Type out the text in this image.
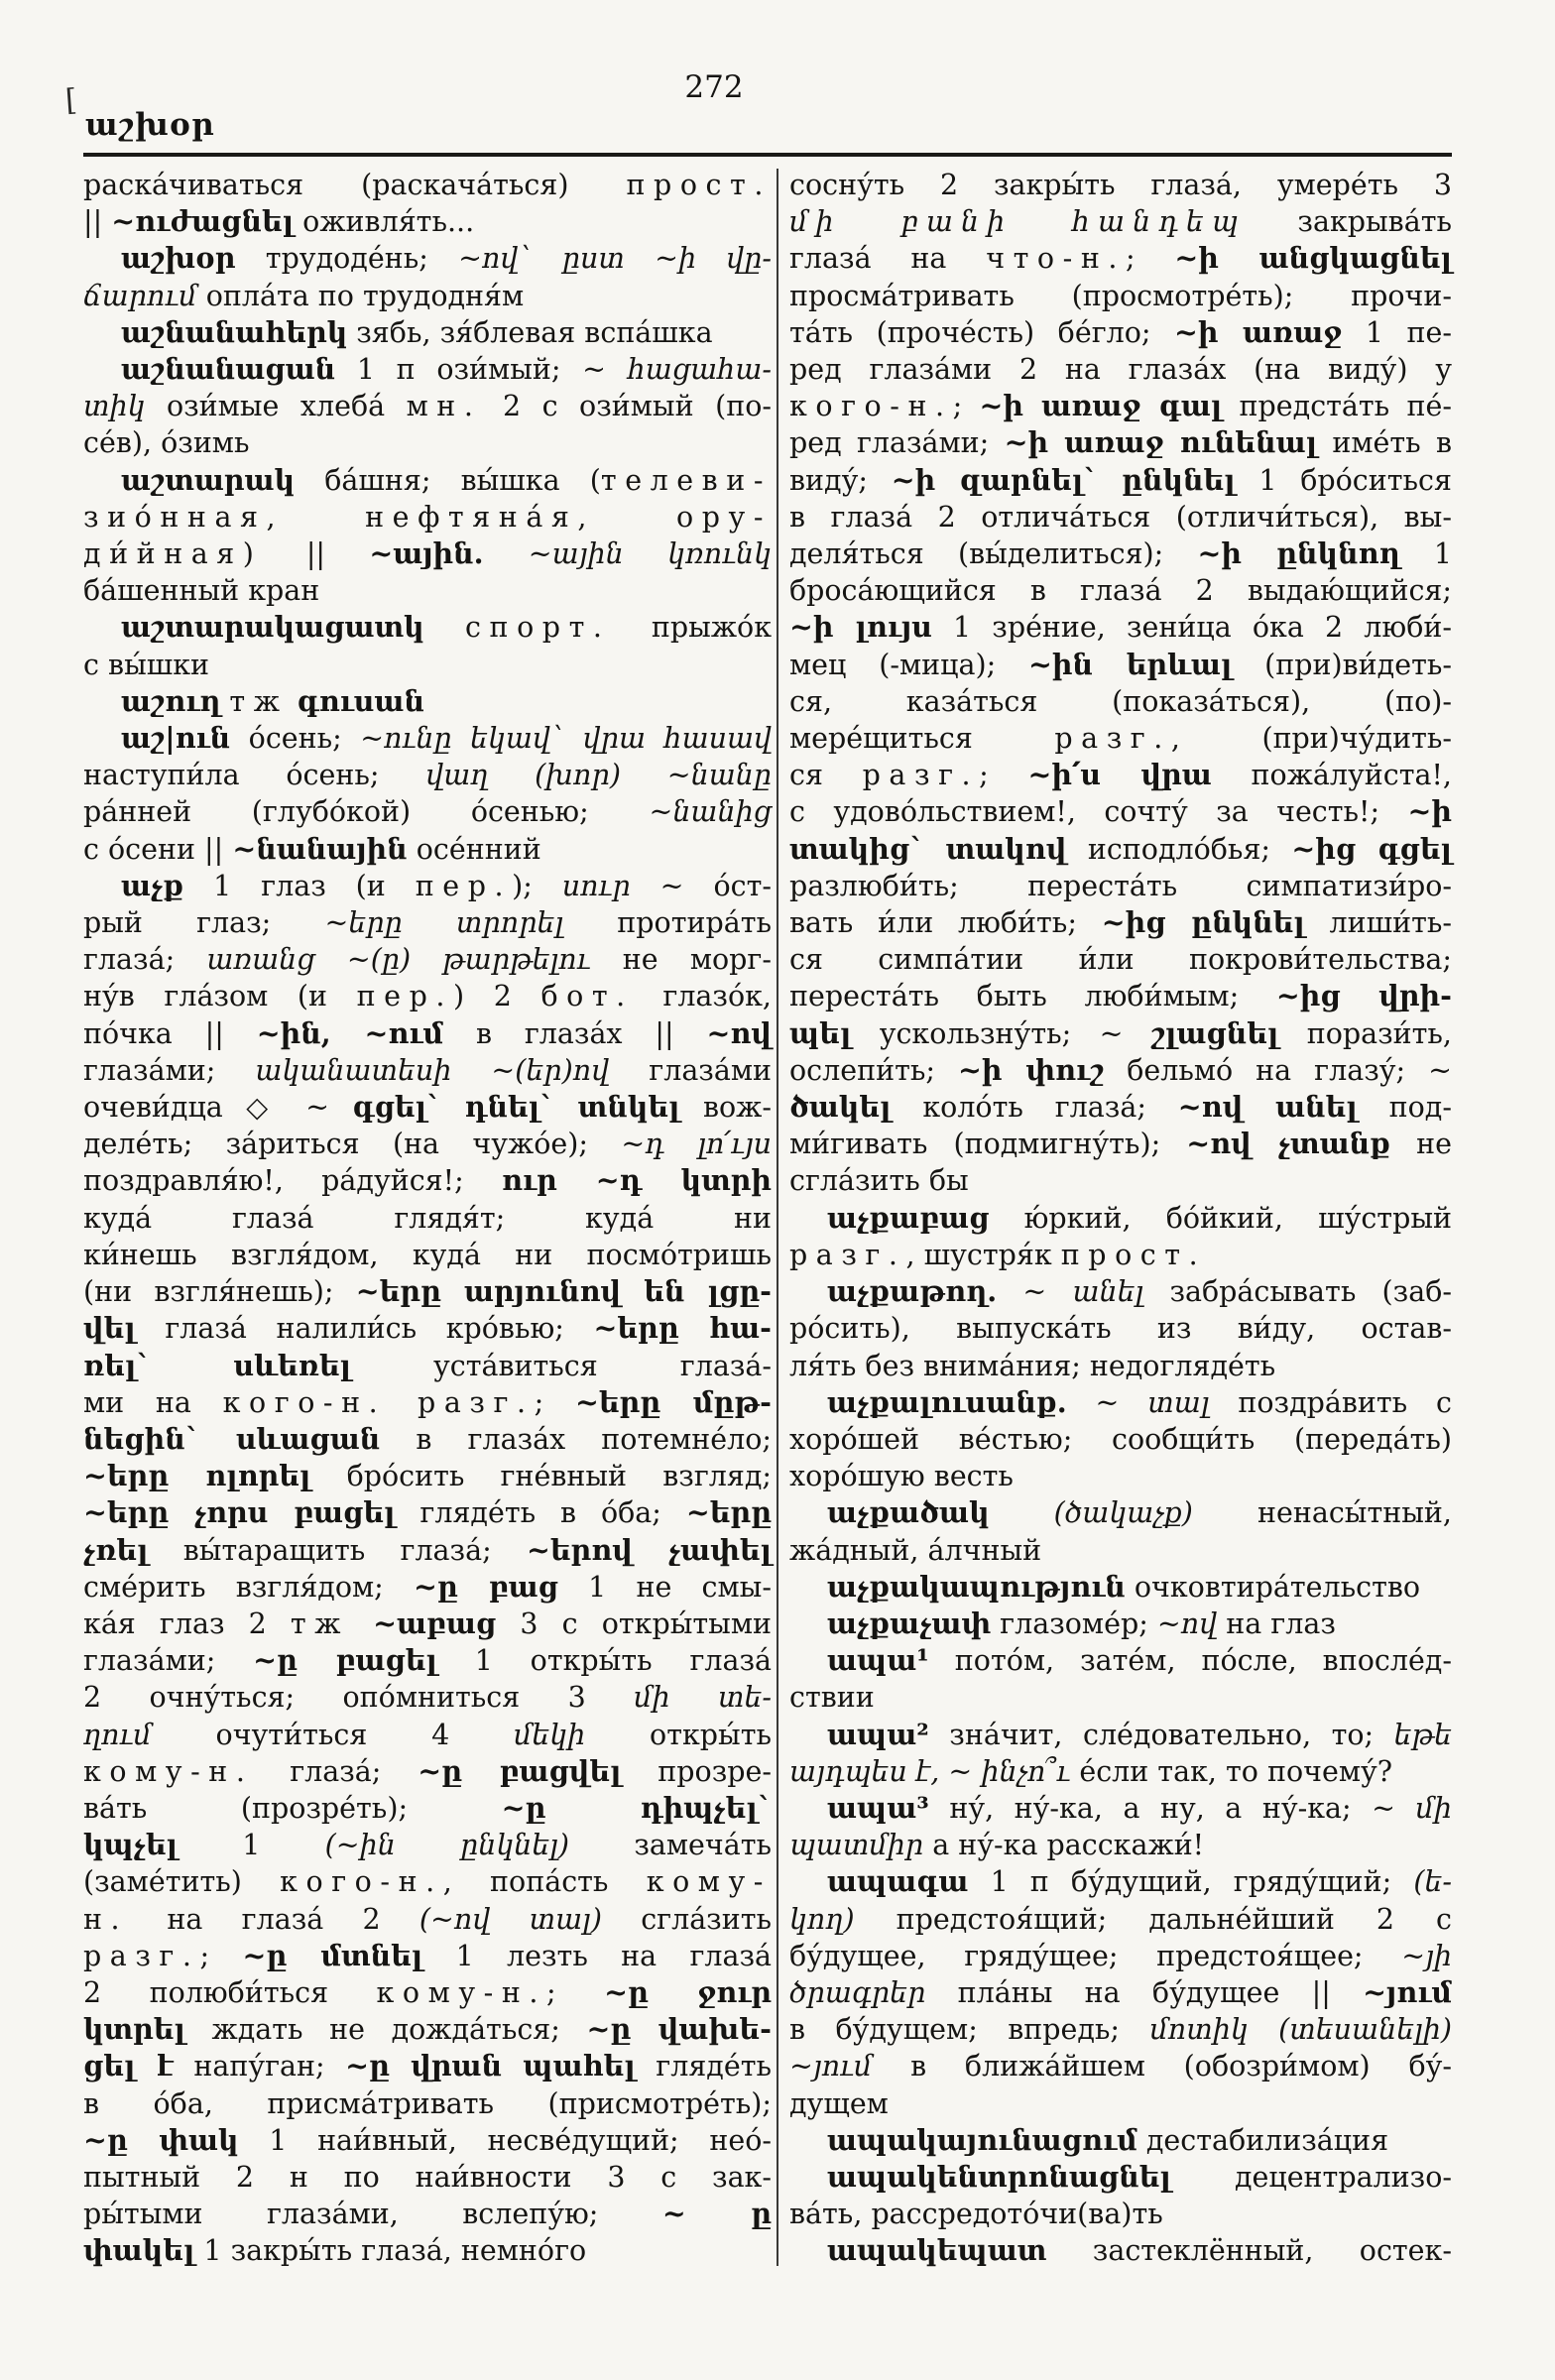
[
աշխօր
272
раска́чиваться (раскача́ться) прост.
|| ~ուժացնել оживля́ть...
աշխօր трудоде́нь; ~ով` ըստ ~ի վը-
ճարում опла́та по трудодня́м
աշնանահերկ зябь, зя́блевая вспа́шка
աշնանացան 1 п ози́мый; ~ հացահա-
տիկ ози́мые хлеба́ мн. 2 с ози́мый (по-
се́в), о́зимь
աշտարակ ба́шня; вы́шка (телеви-
зио́нная, нефтяна́я, ору-
ди́йная) || ~ային. ~ային կռունկ
ба́шенный кран
աշտարակացատկ спорт. прыжо́к
с вы́шки
աշուղ тж գուսան
աշ|ուն о́сень; ~ունը եկավ` վրա հասավ
наступи́ла о́сень; վաղ (խոր) ~նանը
ра́нней (глубо́кой) о́сенью; ~նանից
с о́сени || ~նանային осе́нний
աչք 1 глаз (и пер.); սուր ~ о́ст-
рый глаз; ~երը տրորել протира́ть
глаза́; առանց ~(ը) թարթելու не морг-
ну́в гла́зом (и пер.) 2 бот. глазо́к,
по́чка || ~ին, ~ում в глаза́х || ~ով
глаза́ми; ականատեսի ~(եր)ով глаза́ми
очеви́дца ◇ ~ գցել` դնել` տնկել вож-
деле́ть; за́риться (на чужо́е); ~դ լո՛ւյս
поздравля́ю!, ра́дуйся!; ուր ~դ կտրի
куда́ глаза́ глядя́т; куда́ ни
ки́нешь взгля́дом, куда́ ни посмо́тришь
(ни взгля́нешь); ~երը արյունով են լցը-
վել глаза́ налили́сь кро́вью; ~երը հա-
ռել` սևեռել уста́виться глаза́-
ми на кого-н. разг.; ~երը մըթ-
նեցին` սևացան в глаза́х потемне́ло;
~երը ոլորել бро́сить гне́вный взгляд;
~երը չորս բացել гляде́ть в о́ба; ~երը
չռել вы́таращить глаза́; ~երով չափել
сме́рить взгля́дом; ~ը բաց 1 не смы-
ка́я глаз 2 тж ~աբաց 3 с откры́тыми
глаза́ми; ~ը բացել 1 откры́ть глаза́
2 очну́ться; опо́мниться 3 մի տե-
ղում очути́ться 4 մեկի откры́ть
кому-н. глаза́; ~ը բացվել прозре-
ва́ть (прозре́ть); ~ը դիպչել`
կպչել 1 (~ին ընկնել) замеча́ть
(заме́тить) кого-н., попа́сть кому-
н. на глаза́ 2 (~ով տալ) сгла́зить
разг.; ~ը մտնել 1 лезть на глаза́
2 полюби́ться кому-н.; ~ը ջուր
կտրել ждать не дожда́ться; ~ը վախե-
ցել է напу́ган; ~ը վրան պահել гляде́ть
в о́ба, присма́тривать (присмотре́ть);
~ը փակ 1 наи́вный, несве́дущий; нео́-
пытный 2 н по наи́вности 3 с зак-
ры́тыми глаза́ми, вслепу́ю; ~ ը
փակել 1 закры́ть глаза́, немно́го
сосну́ть 2 закры́ть глаза́, умере́ть 3
մի բանի հանդեպ закрыва́ть
глаза́ на что-н.; ~ի անցկացնել
просма́тривать (просмотре́ть); прочи-
та́ть (проче́сть) бе́гло; ~ի առաջ 1 пе-
ред глаза́ми 2 на глаза́х (на виду́) у
кого-н.; ~ի առաջ գալ предста́ть пе́-
ред глаза́ми; ~ի առաջ ունենալ име́ть в
виду́; ~ի զարնել` ընկնել 1 бро́ситься
в глаза́ 2 отлича́ться (отличи́ться), вы-
деля́ться (вы́делиться); ~ի ընկնող 1
броса́ющийся в глаза́ 2 выдаю́щийся;
~ի լույս 1 зре́ние, зени́ца о́ка 2 люби́-
мец (-мица); ~ին երևալ (при)ви́деть-
ся, каза́ться (показа́ться), (по)-
мере́щиться разг., (при)чу́дить-
ся разг.; ~ի՛ս վրա пожа́луйста!,
с удово́льствием!, сочту́ за честь!; ~ի
տակից` տակով исподло́бья; ~ից գցել
разлюби́ть; переста́ть симпатизи́ро-
вать и́ли люби́ть; ~ից ընկնել лиши́ть-
ся симпа́тии и́ли покрови́тельства;
переста́ть быть люби́мым; ~ից վրի-
պել ускользну́ть; ~ շլացնել порази́ть,
ослепи́ть; ~ի փուշ бельмо́ на глазу́; ~
ծակել коло́ть глаза́; ~ով անել под-
ми́гивать (подмигну́ть); ~ով չտանք не
сгла́зить бы
աչքաբաց ю́ркий, бо́йкий, шу́стрый
разг., шустря́к прост.
աչքաթող. ~ անել забра́сывать (заб-
ро́сить), выпуска́ть из ви́ду, остав-
ля́ть без внима́ния; недогляде́ть
աչքալուսանք. ~ տալ поздра́вить с
хоро́шей ве́стью; сообщи́ть (переда́ть)
хоро́шую весть
աչքածակ (ծակաչք) ненасы́тный,
жа́дный, а́лчный
աչքակապություն очковтира́тельство
աչքաչափ глазоме́р; ~ով на глаз
ապա¹ пото́м, зате́м, по́сле, впосле́д-
ствии
ապա² зна́чит, сле́довательно, то; եթե
այդպես է, ~ ինչո՞ւ е́сли так, то почему́?
ապա³ ну́, ну́-ка, а ну, а ну́-ка; ~ մի
պատմիր а ну́-ка расскажи́!
ապագա 1 п бу́дущий, гряду́щий; (ե-
կող) предстоя́щий; дальне́йший 2 с
бу́дущее, гряду́щее; предстоя́щее; ~յի
ծրագրեր пла́ны на бу́дущее || ~յում
в бу́дущем; впредь; մոտիկ (տեսանելի)
~յում в ближа́йшем (обозри́мом) бу́-
дущем
ապակայունացում дестабилиза́ция
ապակենտրոնացնել децентрализо-
ва́ть, рассредото́чи(ва)ть
ապակեպատ застеклённый, остек-
